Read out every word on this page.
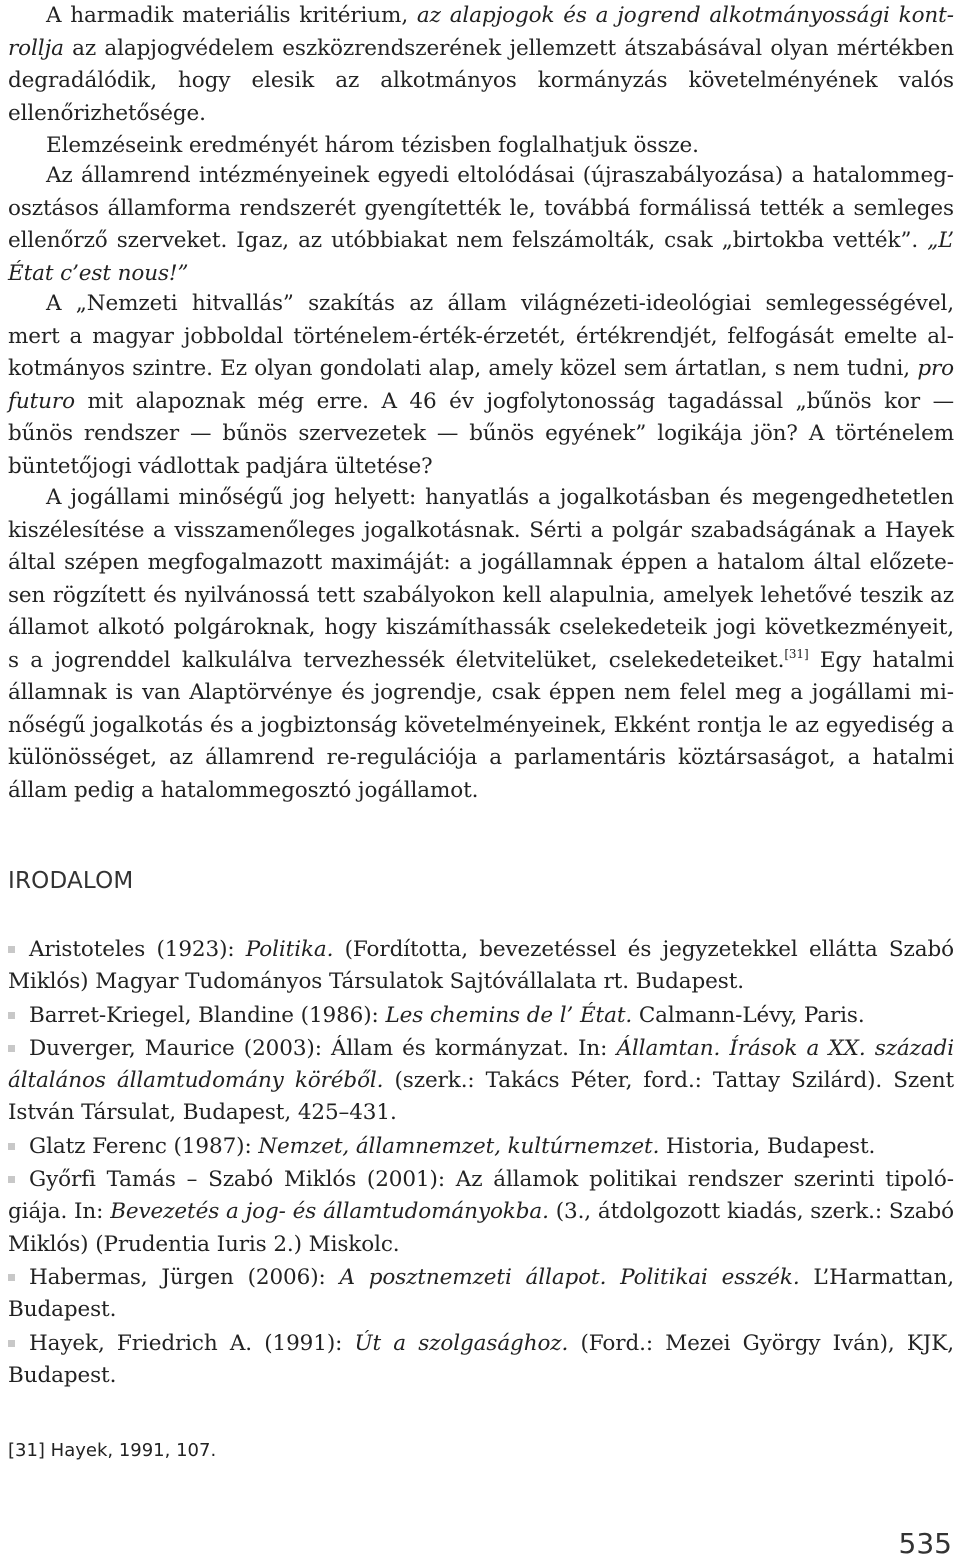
A harmadik materiális kritérium, az alapjogok és a jogrend alkotmányossági kontrollja az alapjogvédelem eszközrendszerének jellemzett átszabásával olyan mértékben degradálódik, hogy elesik az alkotmányos kormányzás követelményének valós ellenőrizhetősége.

Elemzéseink eredményét három tézisben foglalhatjuk össze.

Az államrend intézményeinek egyedi eltolódásai (újraszabályozása) a hatalommegosztásos államforma rendszerét gyengítették le, továbbá formálissá tették a semleges ellenőrző szerveket. Igaz, az utóbbiakat nem felszámolták, csak „birtokba vették”. „L’ État c’est nous!”

A „Nemzeti hitvallás” szakítás az állam világnézeti-ideológiai semlegességével, mert a magyar jobboldal történelem-érték-érzetét, értékrendjét, felfogását emelte alkotmányos szintre. Ez olyan gondolati alap, amely közel sem ártatlan, s nem tudni, pro futuro mit alapoznak még erre. A 46 év jogfolytonosság tagadással „bűnös kor — bűnös rendszer — bűnös szervezetek — bűnös egyének” logikája jön? A történelem büntetőjogi vádlottak padjára ültetése?

A jogállami minőségű jog helyett: hanyatlás a jogalkotásban és megengedhetetlen kiszélesítése a visszamenőleges jogalkotásnak. Sérti a polgár szabadságának a Hayek által szépen megfogalmazott maximáját: a jogállamnak éppen a hatalom által előzetesen rögzített és nyilvánossá tett szabályokon kell alapulnia, amelyek lehetővé teszik az államot alkotó polgároknak, hogy kiszámíthassák cselekedeteik jogi következményeit, s a jogrenddel kalkulálva tervezhessék életvitelüket, cselekedeteiket.[31] Egy hatalmi államnak is van Alaptörvénye és jogrendje, csak éppen nem felel meg a jogállami minőségű jogalkotás és a jogbiztonság követelményeinek, Ekként rontja le az egyediség a különösséget, az államrend re-regulációja a parlamentáris köztársaságot, a hatalmi állam pedig a hatalommegosztó jogállamot.

IRODALOM

Aristoteles (1923): Politika. (Fordította, bevezetéssel és jegyzetekkel ellátta Szabó Miklós) Magyar Tudományos Társulatok Sajtóvállalata rt. Budapest.

Barret-Kriegel, Blandine (1986): Les chemins de l’ État. Calmann-Lévy, Paris.

Duverger, Maurice (2003): Állam és kormányzat. In: Államtan. Írások a XX. századi általános államtudomány köréből. (szerk.: Takács Péter, ford.: Tattay Szilárd). Szent István Társulat, Budapest, 425–431.

Glatz Ferenc (1987): Nemzet, államnemzet, kultúrnemzet. Historia, Budapest.

Győrfi Tamás – Szabó Miklós (2001): Az államok politikai rendszer szerinti tipológiája. In: Bevezetés a jog- és államtudományokba. (3., átdolgozott kiadás, szerk.: Szabó Miklós) (Prudentia Iuris 2.) Miskolc.

Habermas, Jürgen (2006): A posztnemzeti állapot. Politikai esszék. L’Harmattan, Budapest.

Hayek, Friedrich A. (1991): Út a szolgasághoz. (Ford.: Mezei György Iván), KJK, Budapest.

[31] Hayek, 1991, 107.

535
